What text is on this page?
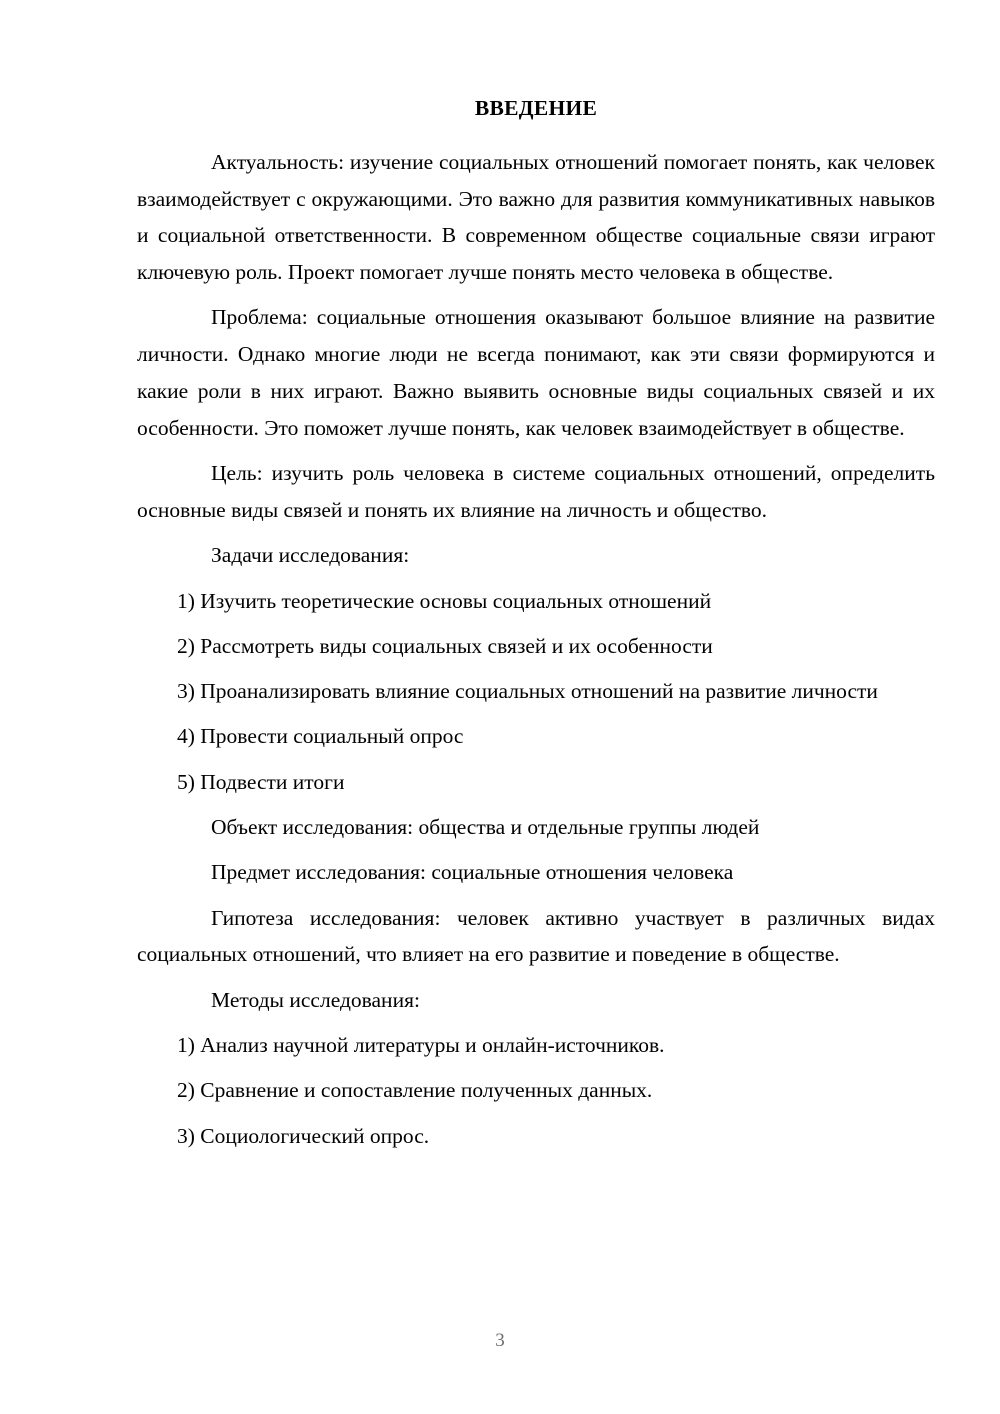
ВВЕДЕНИЕ

Актуальность: изучение социальных отношений помогает понять, как человек взаимодействует с окружающими. Это важно для развития коммуникативных навыков и социальной ответственности. В современном обществе социальные связи играют ключевую роль. Проект помогает лучше понять место человека в обществе.

Проблема: социальные отношения оказывают большое влияние на развитие личности. Однако многие люди не всегда понимают, как эти связи формируются и какие роли в них играют. Важно выявить основные виды социальных связей и их особенности. Это поможет лучше понять, как человек взаимодействует в обществе.

Цель: изучить роль человека в системе социальных отношений, определить основные виды связей и понять их влияние на личность и общество.

Задачи исследования:

1) Изучить теоретические основы социальных отношений

2) Рассмотреть виды социальных связей и их особенности

3) Проанализировать влияние социальных отношений на развитие личности

4) Провести социальный опрос

5) Подвести итоги

Объект исследования: общества и отдельные группы людей

Предмет исследования: социальные отношения человека

Гипотеза исследования: человек активно участвует в различных видах социальных отношений, что влияет на его развитие и поведение в обществе.

Методы исследования:

1) Анализ научной литературы и онлайн-источников.

2) Сравнение и сопоставление полученных данных.

3) Социологический опрос.

3
